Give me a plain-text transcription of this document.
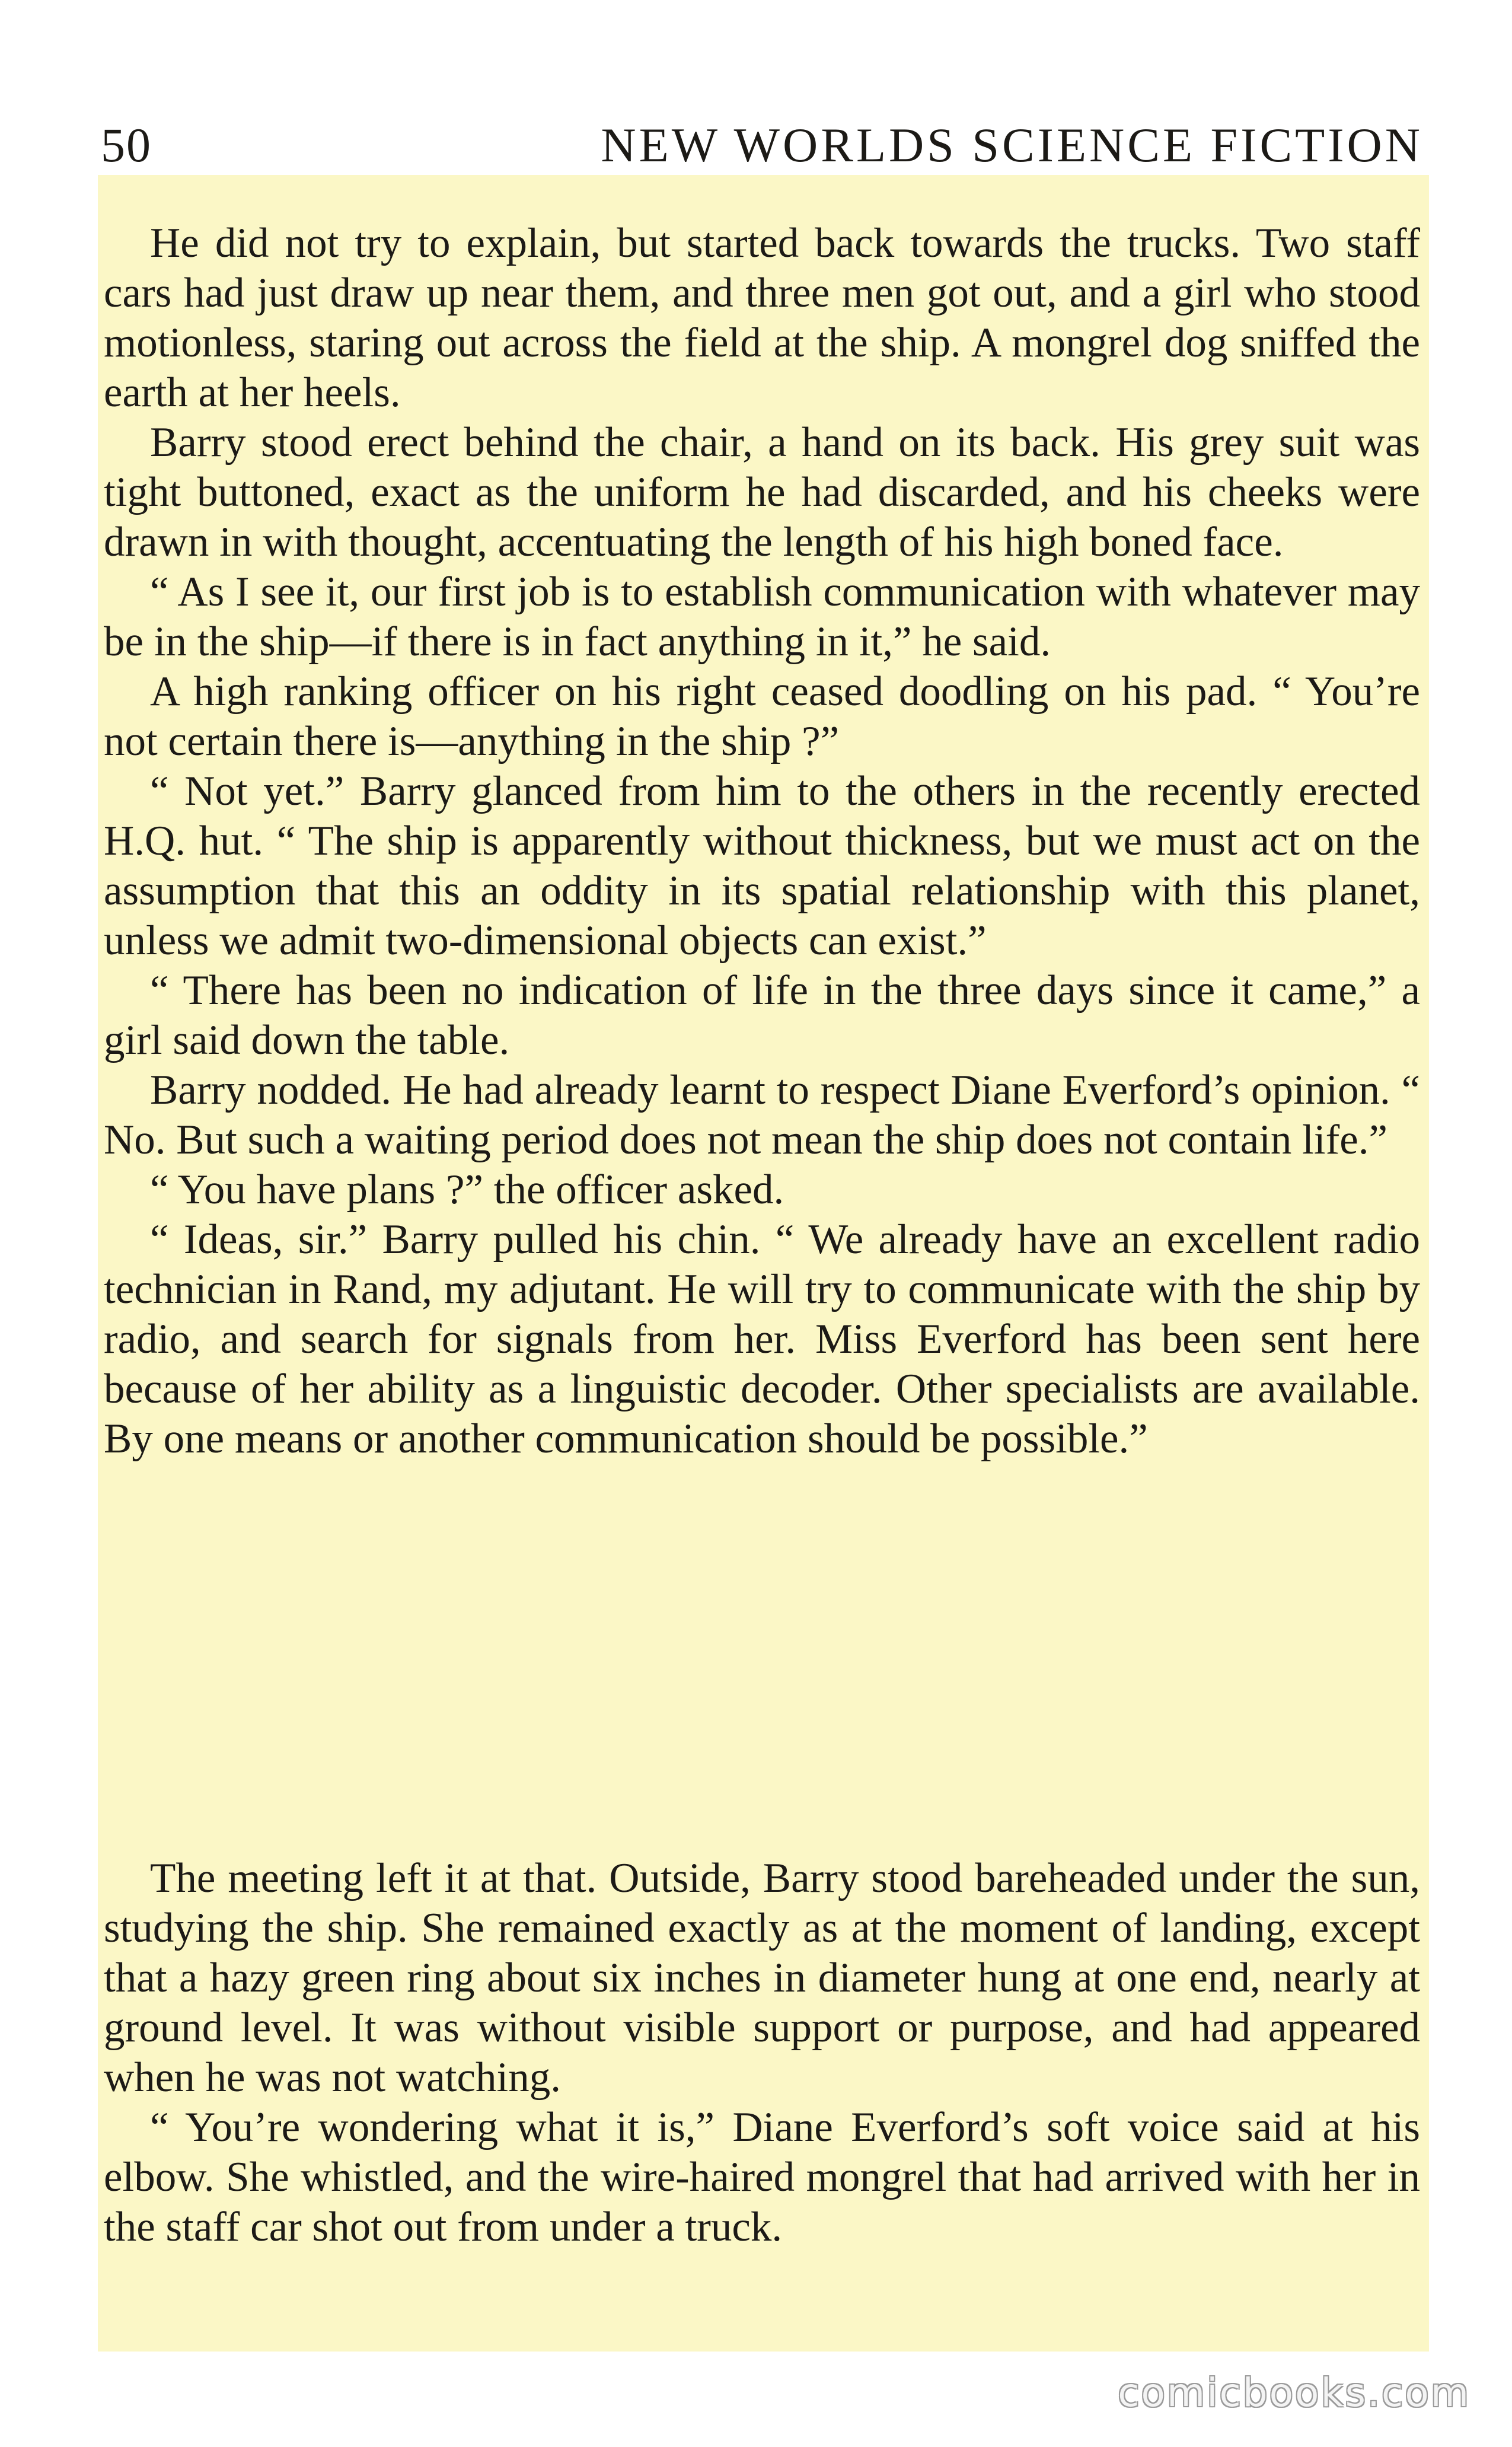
50	NEW WORLDS SCIENCE FICTION

He did not try to explain, but started back towards the trucks. Two staff cars had just draw up near them, and three men got out, and a girl who stood motionless, staring out across the field at the ship. A mongrel dog sniffed the earth at her heels.

Barry stood erect behind the chair, a hand on its back. His grey suit was tight buttoned, exact as the uniform he had discarded, and his cheeks were drawn in with thought, accentuating the length of his high boned face.

“ As I see it, our first job is to establish communication with whatever may be in the ship—if there is in fact anything in it,” he said.

A high ranking officer on his right ceased doodling on his pad. “ You’re not certain there is—anything in the ship ?”

“ Not yet.” Barry glanced from him to the others in the recently erected H.Q. hut. “ The ship is apparently without thickness, but we must act on the assumption that this an oddity in its spatial relationship with this planet, unless we admit two-dimensional objects can exist.”

“ There has been no indication of life in the three days since it came,” a girl said down the table.

Barry nodded. He had already learnt to respect Diane Everford’s opinion. “ No. But such a waiting period does not mean the ship does not contain life.”

“ You have plans ?” the officer asked.

“ Ideas, sir.” Barry pulled his chin. “ We already have an excellent radio technician in Rand, my adjutant. He will try to communicate with the ship by radio, and search for signals from her. Miss Everford has been sent here because of her ability as a linguistic decoder. Other specialists are available. By one means or another communication should be possible.”

The meeting left it at that. Outside, Barry stood bareheaded under the sun, studying the ship. She remained exactly as at the moment of landing, except that a hazy green ring about six inches in diameter hung at one end, nearly at ground level. It was without visible support or purpose, and had appeared when he was not watching.

“ You’re wondering what it is,” Diane Everford’s soft voice said at his elbow. She whistled, and the wire-haired mongrel that had arrived with her in the staff car shot out from under a truck.

comicbooks.com
